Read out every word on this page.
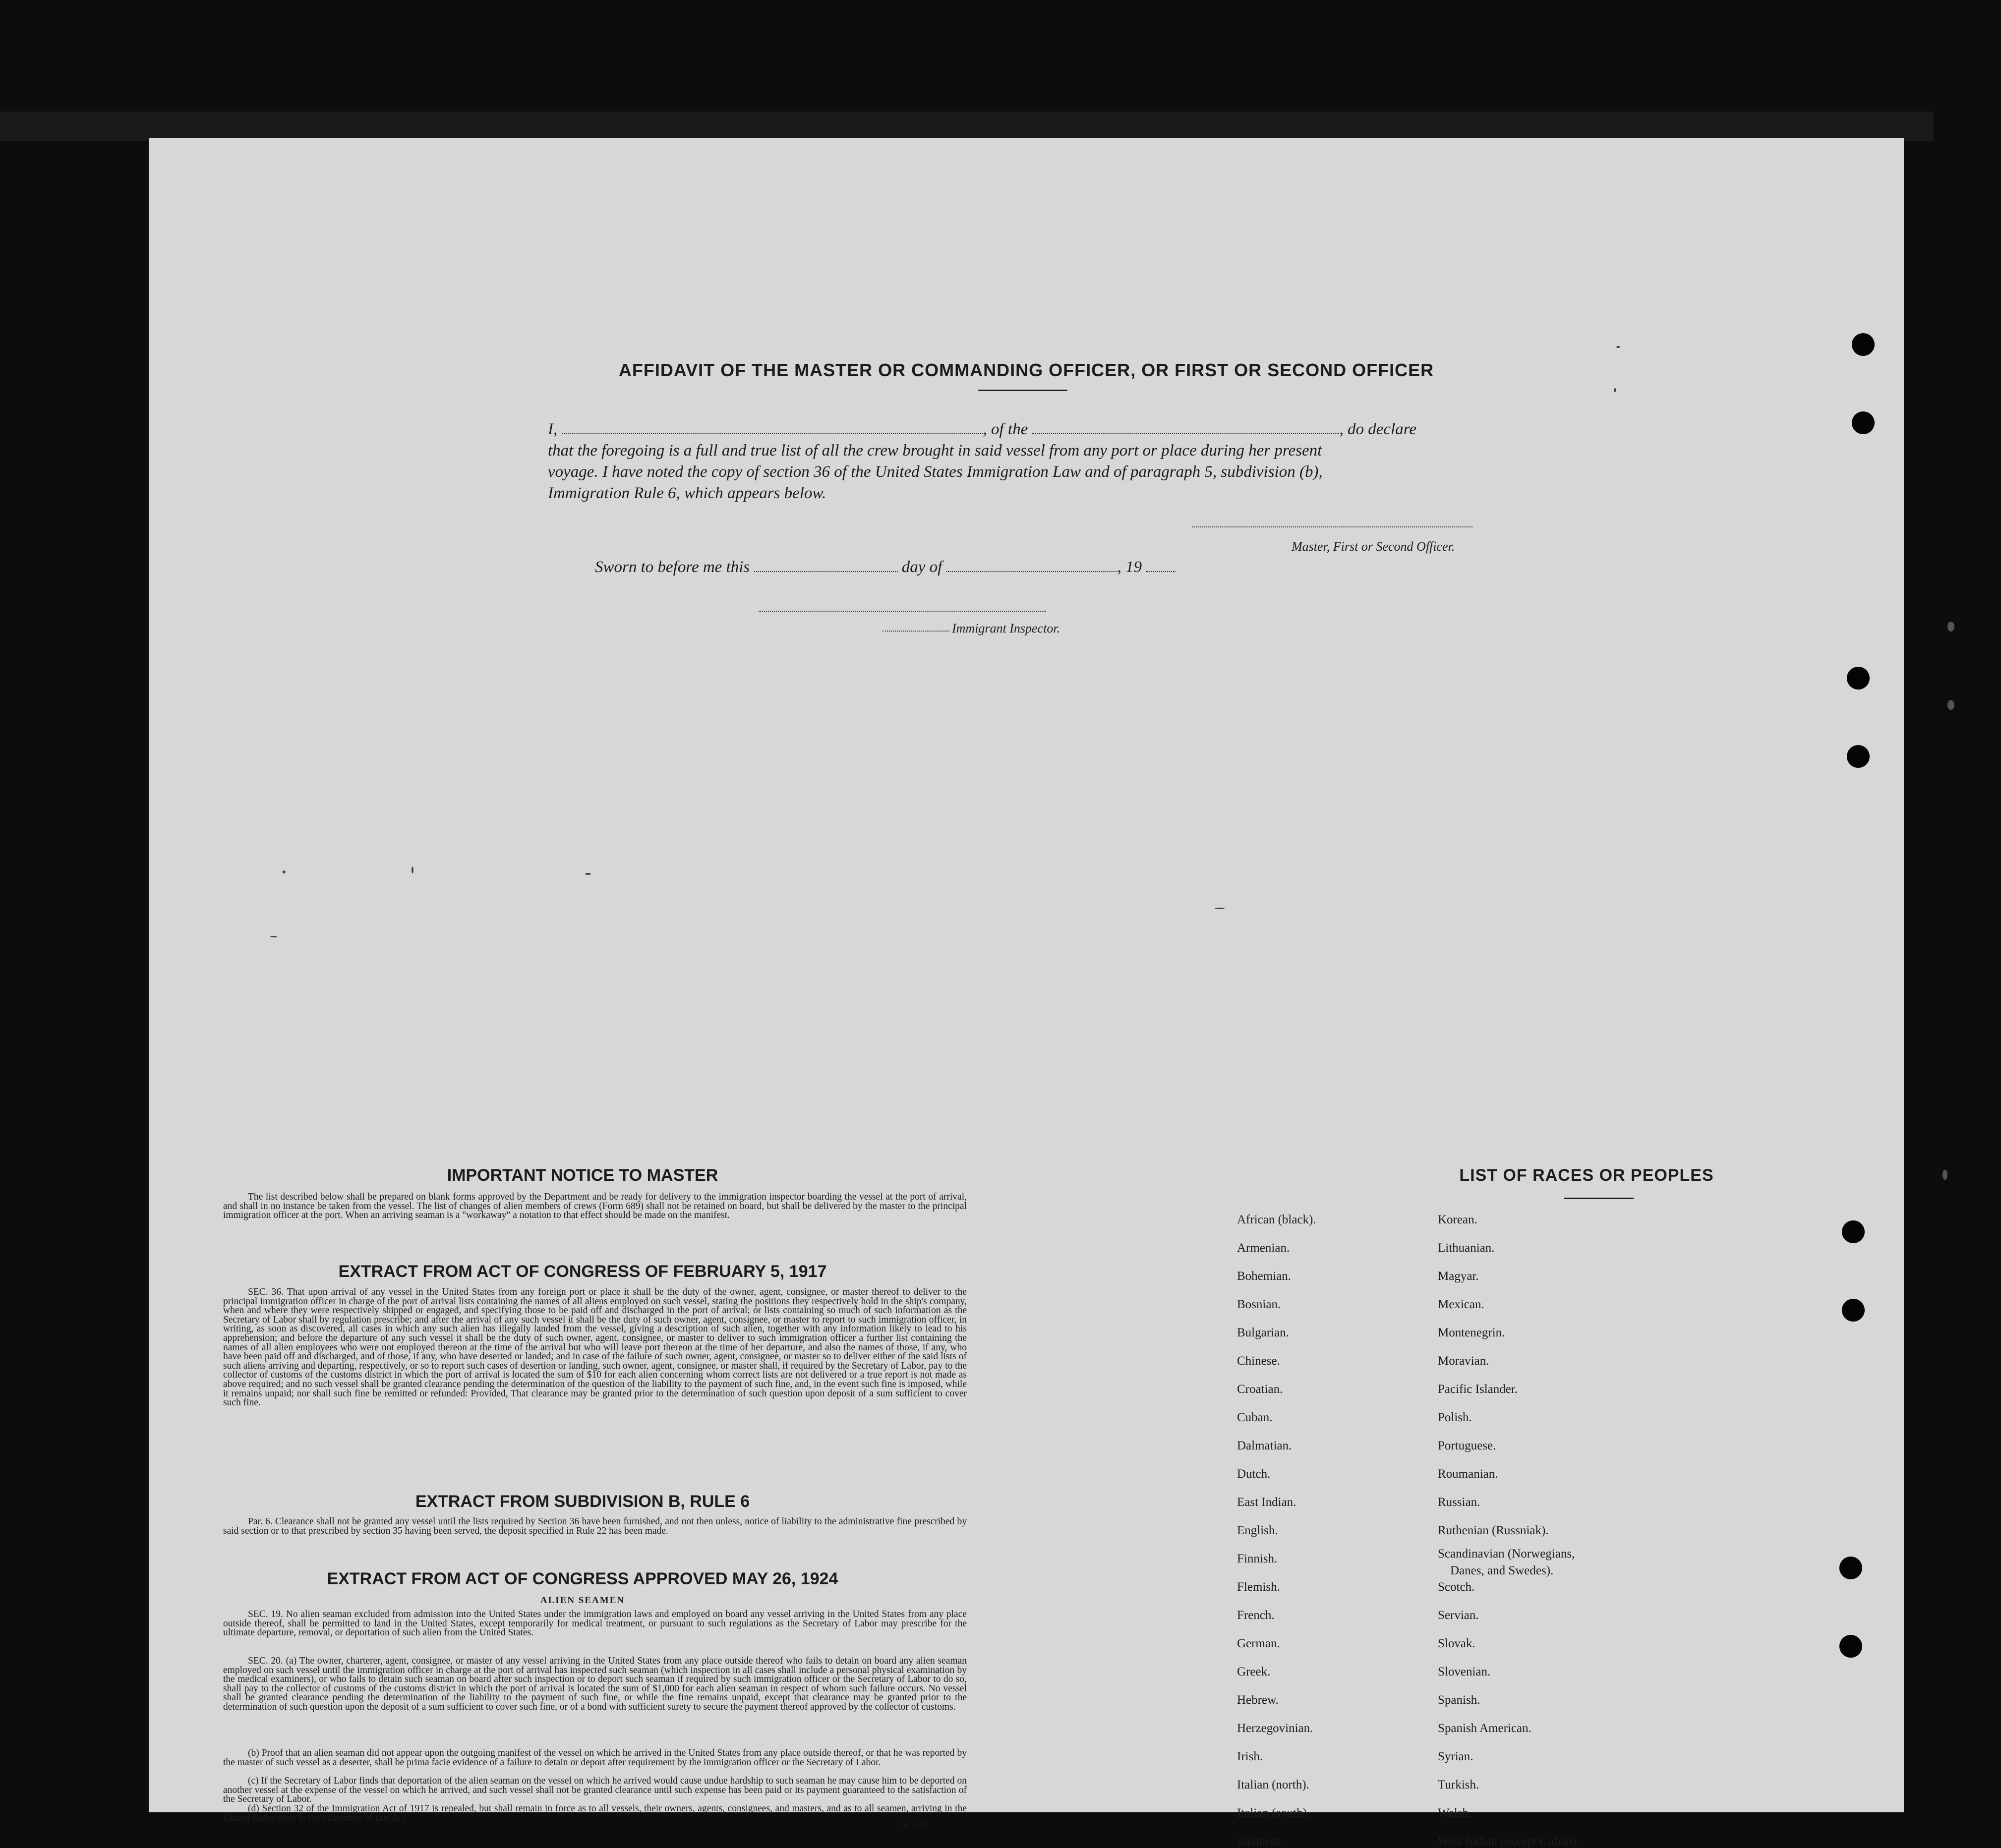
AFFIDAVIT OF THE MASTER OR COMMANDING OFFICER, OR FIRST OR SECOND OFFICER
I,	, of the	, do declare
that the foregoing is a full and true list of all the crew brought in said vessel from any port or place during her present
voyage. I have noted the copy of section 36 of the United States Immigration Law and of paragraph 5, subdivision (b),
Immigration Rule 6, which appears below.
Master, First or Second Officer.
Sworn to before me this	day of	, 19
Immigrant Inspector.
IMPORTANT NOTICE TO MASTER

The list described below shall be prepared on blank forms approved by the Department and be ready for delivery to the immigration inspector boarding the vessel at the port of arrival, and shall in no instance be taken from the vessel. The list of changes of alien members of crews (Form 689) shall not be retained on board, but shall be delivered by the master to the principal immigration officer at the port. When an arriving seaman is a "workaway" a notation to that effect should be made on the manifest.

EXTRACT FROM ACT OF CONGRESS OF FEBRUARY 5, 1917

SEC. 36. That upon arrival of any vessel in the United States from any foreign port or place it shall be the duty of the owner, agent, consignee, or master thereof to deliver to the principal immigration officer in charge of the port of arrival lists containing the names of all aliens employed on such vessel, stating the positions they respectively hold in the ship's company, when and where they were respectively shipped or engaged, and specifying those to be paid off and discharged in the port of arrival; or lists containing so much of such information as the Secretary of Labor shall by regulation prescribe; and after the arrival of any such vessel it shall be the duty of such owner, agent, consignee, or master to report to such immigration officer, in writing, as soon as discovered, all cases in which any such alien has illegally landed from the vessel, giving a description of such alien, together with any information likely to lead to his apprehension; and before the departure of any such vessel it shall be the duty of such owner, agent, consignee, or master to deliver to such immigration officer a further list containing the names of all alien employees who were not employed thereon at the time of the arrival but who will leave port thereon at the time of her departure, and also the names of those, if any, who have been paid off and discharged, and of those, if any, who have deserted or landed; and in case of the failure of such owner, agent, consignee, or master so to deliver either of the said lists of such aliens arriving and departing, respectively, or so to report such cases of desertion or landing, such owner, agent, consignee, or master shall, if required by the Secretary of Labor, pay to the collector of customs of the customs district in which the port of arrival is located the sum of $10 for each alien concerning whom correct lists are not delivered or a true report is not made as above required; and no such vessel shall be granted clearance pending the determination of the question of the liability to the payment of such fine, and, in the event such fine is imposed, while it remains unpaid; nor shall such fine be remitted or refunded: Provided, That clearance may be granted prior to the determination of such question upon deposit of a sum sufficient to cover such fine.

EXTRACT FROM SUBDIVISION B, RULE 6

Par. 6. Clearance shall not be granted any vessel until the lists required by Section 36 have been furnished, and not then unless, notice of liability to the administrative fine prescribed by said section or to that prescribed by section 35 having been served, the deposit specified in Rule 22 has been made.

EXTRACT FROM ACT OF CONGRESS APPROVED MAY 26, 1924
ALIEN SEAMEN

SEC. 19. No alien seaman excluded from admission into the United States under the immigration laws and employed on board any vessel arriving in the United States from any place outside thereof, shall be permitted to land in the United States, except temporarily for medical treatment, or pursuant to such regulations as the Secretary of Labor may prescribe for the ultimate departure, removal, or deportation of such alien from the United States.

SEC. 20. (a) The owner, charterer, agent, consignee, or master of any vessel arriving in the United States from any place outside thereof who fails to detain on board any alien seaman employed on such vessel until the immigration officer in charge at the port of arrival has inspected such seaman (which inspection in all cases shall include a personal physical examination by the medical examiners), or who fails to detain such seaman on board after such inspection or to deport such seaman if required by such immigration officer or the Secretary of Labor to do so, shall pay to the collector of customs of the customs district in which the port of arrival is located the sum of $1,000 for each alien seaman in respect of whom such failure occurs. No vessel shall be granted clearance pending the determination of the liability to the payment of such fine, or while the fine remains unpaid, except that clearance may be granted prior to the determination of such question upon the deposit of a sum sufficient to cover such fine, or of a bond with sufficient surety to secure the payment thereof approved by the collector of customs.

(b) Proof that an alien seaman did not appear upon the outgoing manifest of the vessel on which he arrived in the United States from any place outside thereof, or that he was reported by the master of such vessel as a deserter, shall be prima facie evidence of a failure to detain or deport after requirement by the immigration officer or the Secretary of Labor.

(c) If the Secretary of Labor finds that deportation of the alien seaman on the vessel on which he arrived would cause undue hardship to such seaman he may cause him to be deported on another vessel at the expense of the vessel on which he arrived, and such vessel shall not be granted clearance until such expense has been paid or its payment guaranteed to the satisfaction of the Secretary of Labor.

(d) Section 32 of the Immigration Act of 1917 is repealed, but shall remain in force as to all vessels, their owners, agents, consignees, and masters, and as to all seamen, arriving in the United States prior to the enactment of this Act.

14—1240
LIST OF RACES OR PEOPLES
African (black).
Armenian.
Bohemian.
Bosnian.
Bulgarian.
Chinese.
Croatian.
Cuban.
Dalmatian.
Dutch.
East Indian.
English.
Finnish.
Flemish.
French.
German.
Greek.
Hebrew.
Herzegovinian.
Irish.
Italian (north).
Italian (south).
Japanese.
Korean.
Lithuanian.
Magyar.
Mexican.
Montenegrin.
Moravian.
Pacific Islander.
Polish.
Portuguese.
Roumanian.
Russian.
Ruthenian (Russniak).
Scandinavian (Norwegians,
Danes, and Swedes).
Scotch.
Servian.
Slovak.
Slovenian.
Spanish.
Spanish American.
Syrian.
Turkish.
Welsh.
West Indian (except Cuban).
